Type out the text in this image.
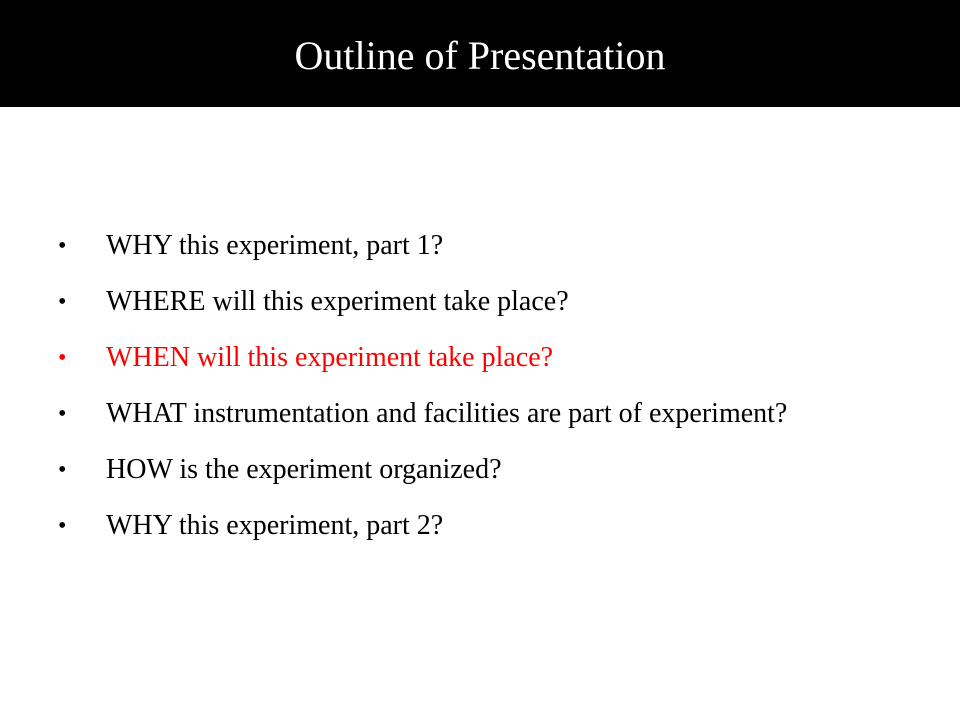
Outline of Presentation
•	WHY this experiment, part 1?
•	WHERE will this experiment take place?
•	WHEN will this experiment take place?
•	WHAT instrumentation and facilities are part of experiment?
•	HOW is the experiment organized?
•	WHY this experiment, part 2?
